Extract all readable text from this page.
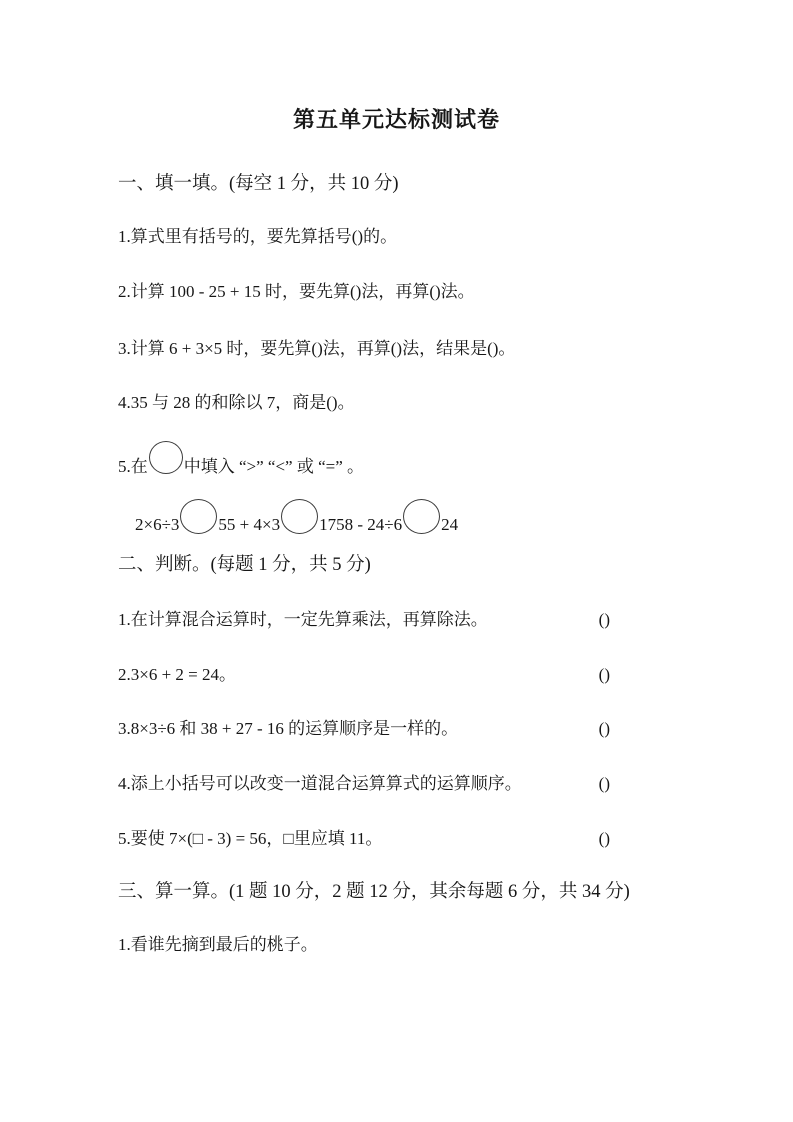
第五单元达标测试卷
一、填一填。(每空 1 分，共 10 分)
1.算式里有括号的，要先算括号()的。
2.计算 100 - 25 + 15 时，要先算()法，再算()法。
3.计算 6 + 3×5 时，要先算()法，再算()法，结果是()。
4.35 与 28 的和除以 7，商是()。
5.在 中填入 “>” “<” 或 “=” 。
2×6÷3 55 + 4×3 1758 - 24÷6 24
二、判断。(每题 1 分，共 5 分)
1.在计算混合运算时，一定先算乘法，再算除法。	()
2.3×6 + 2 = 24。	()
3.8×3÷6 和 38 + 27 - 16 的运算顺序是一样的。	()
4.添上小括号可以改变一道混合运算算式的运算顺序。	()
5.要使 7×(□ - 3) = 56，□里应填 11。	()
三、算一算。(1 题 10 分，2 题 12 分，其余每题 6 分，共 34 分)
1.看谁先摘到最后的桃子。
